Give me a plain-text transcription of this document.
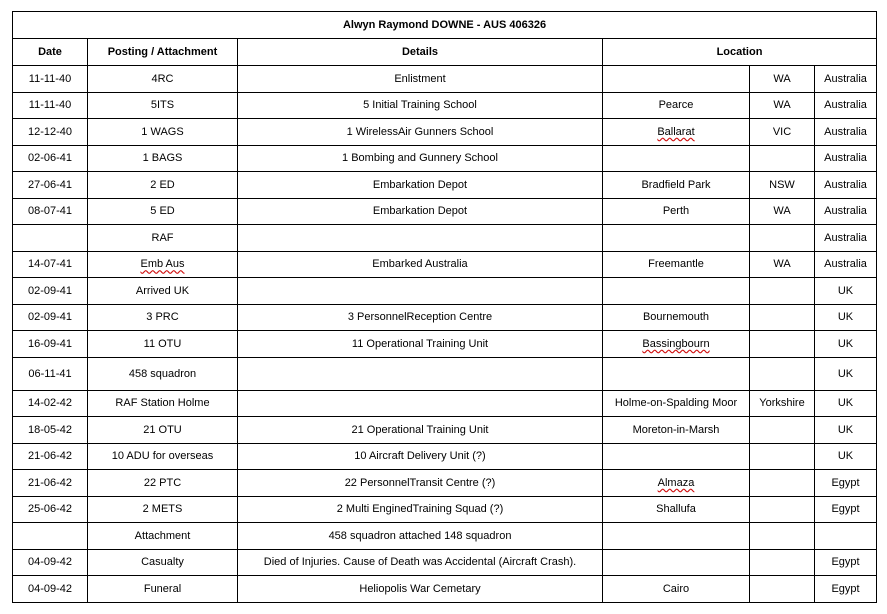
Alwyn Raymond DOWNE - AUS 406326					
Date	Posting / Attachment	Details	Location		
11-11-40	4RC	Enlistment		WA	Australia
11-11-40	5ITS	5 Initial Training School	Pearce	WA	Australia
12-12-40	1 WAGS	1 WirelessAir Gunners School	Ballarat	VIC	Australia
02-06-41	1 BAGS	1 Bombing and Gunnery School			Australia
27-06-41	2 ED	Embarkation Depot	Bradfield Park	NSW	Australia
08-07-41	5 ED	Embarkation Depot	Perth	WA	Australia
	RAF				Australia
14-07-41	Emb Aus	Embarked Australia	Freemantle	WA	Australia
02-09-41	Arrived UK				UK
02-09-41	3 PRC	3 PersonnelReception Centre	Bournemouth		UK
16-09-41	11 OTU	11 Operational Training Unit	Bassingbourn		UK
06-11-41	458 squadron				UK
14-02-42	RAF Station Holme		Holme-on-Spalding Moor	Yorkshire	UK
18-05-42	21 OTU	21 Operational Training Unit	Moreton-in-Marsh		UK
21-06-42	10 ADU for overseas	10 Aircraft Delivery Unit (?)			UK
21-06-42	22 PTC	22 PersonnelTransit Centre (?)	Almaza		Egypt
25-06-42	2 METS	2 Multi EnginedTraining Squad (?)	Shallufa		Egypt
	Attachment	458 squadron attached 148 squadron			
04-09-42	Casualty	Died of Injuries. Cause of Death was Accidental (Aircraft Crash).			Egypt
04-09-42	Funeral	Heliopolis War Cemetary	Cairo		Egypt
